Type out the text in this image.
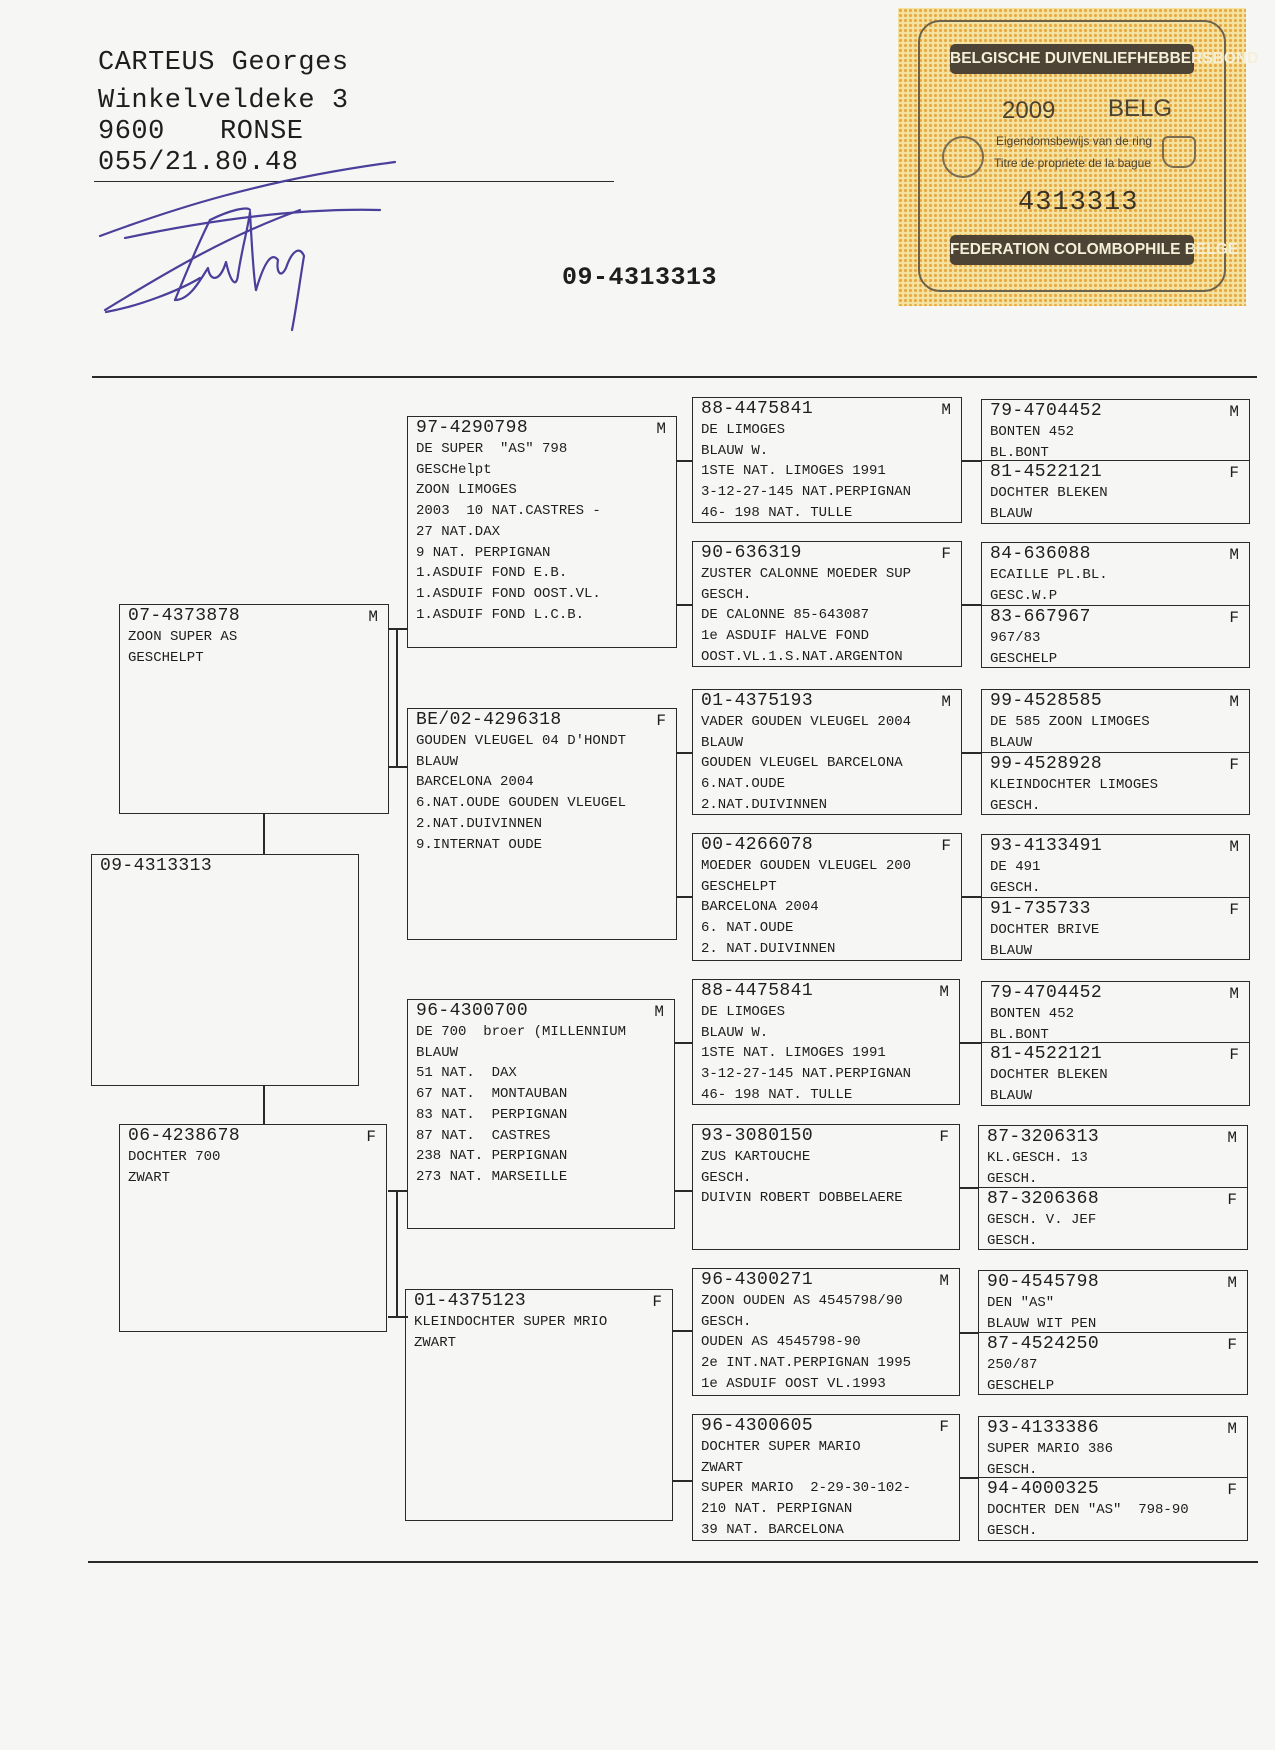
CARTEUS Georges
Winkelveldeke 3
9600 RONSE
055/21.80.48
BELGISCHE DUIVENLIEFHEBBERSBOND
2009 BELG
Eigendomsbewijs van de ring
Titre de propriete de la bague
4313313
FEDERATION COLOMBOPHILE BELGE
09-4313313
09-4313313
07-4373878	M
ZOON SUPER AS
GESCHELPT
06-4238678	F
DOCHTER 700
ZWART
97-4290798	M
DE SUPER  "AS" 798
GESCHelpt
ZOON LIMOGES
2003  10 NAT.CASTRES -
27 NAT.DAX
9 NAT. PERPIGNAN
1.ASDUIF FOND E.B.
1.ASDUIF FOND OOST.VL.
1.ASDUIF FOND L.C.B.
BE/02-4296318	F
GOUDEN VLEUGEL 04 D'HONDT
BLAUW
BARCELONA 2004
6.NAT.OUDE GOUDEN VLEUGEL
2.NAT.DUIVINNEN
9.INTERNAT OUDE
96-4300700	M
DE 700  broer (MILLENNIUM
BLAUW
51 NAT.  DAX
67 NAT.  MONTAUBAN
83 NAT.  PERPIGNAN
87 NAT.  CASTRES
238 NAT. PERPIGNAN
273 NAT. MARSEILLE
01-4375123	F
KLEINDOCHTER SUPER MRIO
ZWART
88-4475841	M
DE LIMOGES
BLAUW W.
1STE NAT. LIMOGES 1991
3-12-27-145 NAT.PERPIGNAN
46- 198 NAT. TULLE
90-636319	F
ZUSTER CALONNE MOEDER SUP
GESCH.
DE CALONNE 85-643087
1e ASDUIF HALVE FOND
OOST.VL.1.S.NAT.ARGENTON
01-4375193	M
VADER GOUDEN VLEUGEL 2004
BLAUW
GOUDEN VLEUGEL BARCELONA
6.NAT.OUDE
2.NAT.DUIVINNEN
00-4266078	F
MOEDER GOUDEN VLEUGEL 200
GESCHELPT
BARCELONA 2004
6. NAT.OUDE
2. NAT.DUIVINNEN
88-4475841	M
DE LIMOGES
BLAUW W.
1STE NAT. LIMOGES 1991
3-12-27-145 NAT.PERPIGNAN
46- 198 NAT. TULLE
93-3080150	F
ZUS KARTOUCHE
GESCH.
DUIVIN ROBERT DOBBELAERE
96-4300271	M
ZOON OUDEN AS 4545798/90
GESCH.
OUDEN AS 4545798-90
2e INT.NAT.PERPIGNAN 1995
1e ASDUIF OOST VL.1993
96-4300605	F
DOCHTER SUPER MARIO
ZWART
SUPER MARIO  2-29-30-102-
210 NAT. PERPIGNAN
39 NAT. BARCELONA
79-4704452	M
BONTEN 452
BL.BONT
81-4522121	F
DOCHTER BLEKEN
BLAUW
84-636088	M
ECAILLE PL.BL.
GESC.W.P
83-667967	F
967/83
GESCHELP
99-4528585	M
DE 585 ZOON LIMOGES
BLAUW
99-4528928	F
KLEINDOCHTER LIMOGES
GESCH.
93-4133491	M
DE 491
GESCH.
91-735733	F
DOCHTER BRIVE
BLAUW
79-4704452	M
BONTEN 452
BL.BONT
81-4522121	F
DOCHTER BLEKEN
BLAUW
87-3206313	M
KL.GESCH. 13
GESCH.
87-3206368	F
GESCH. V. JEF
GESCH.
90-4545798	M
DEN "AS"
BLAUW WIT PEN
87-4524250	F
250/87
GESCHELP
93-4133386	M
SUPER MARIO 386
GESCH.
94-4000325	F
DOCHTER DEN "AS"  798-90
GESCH.
